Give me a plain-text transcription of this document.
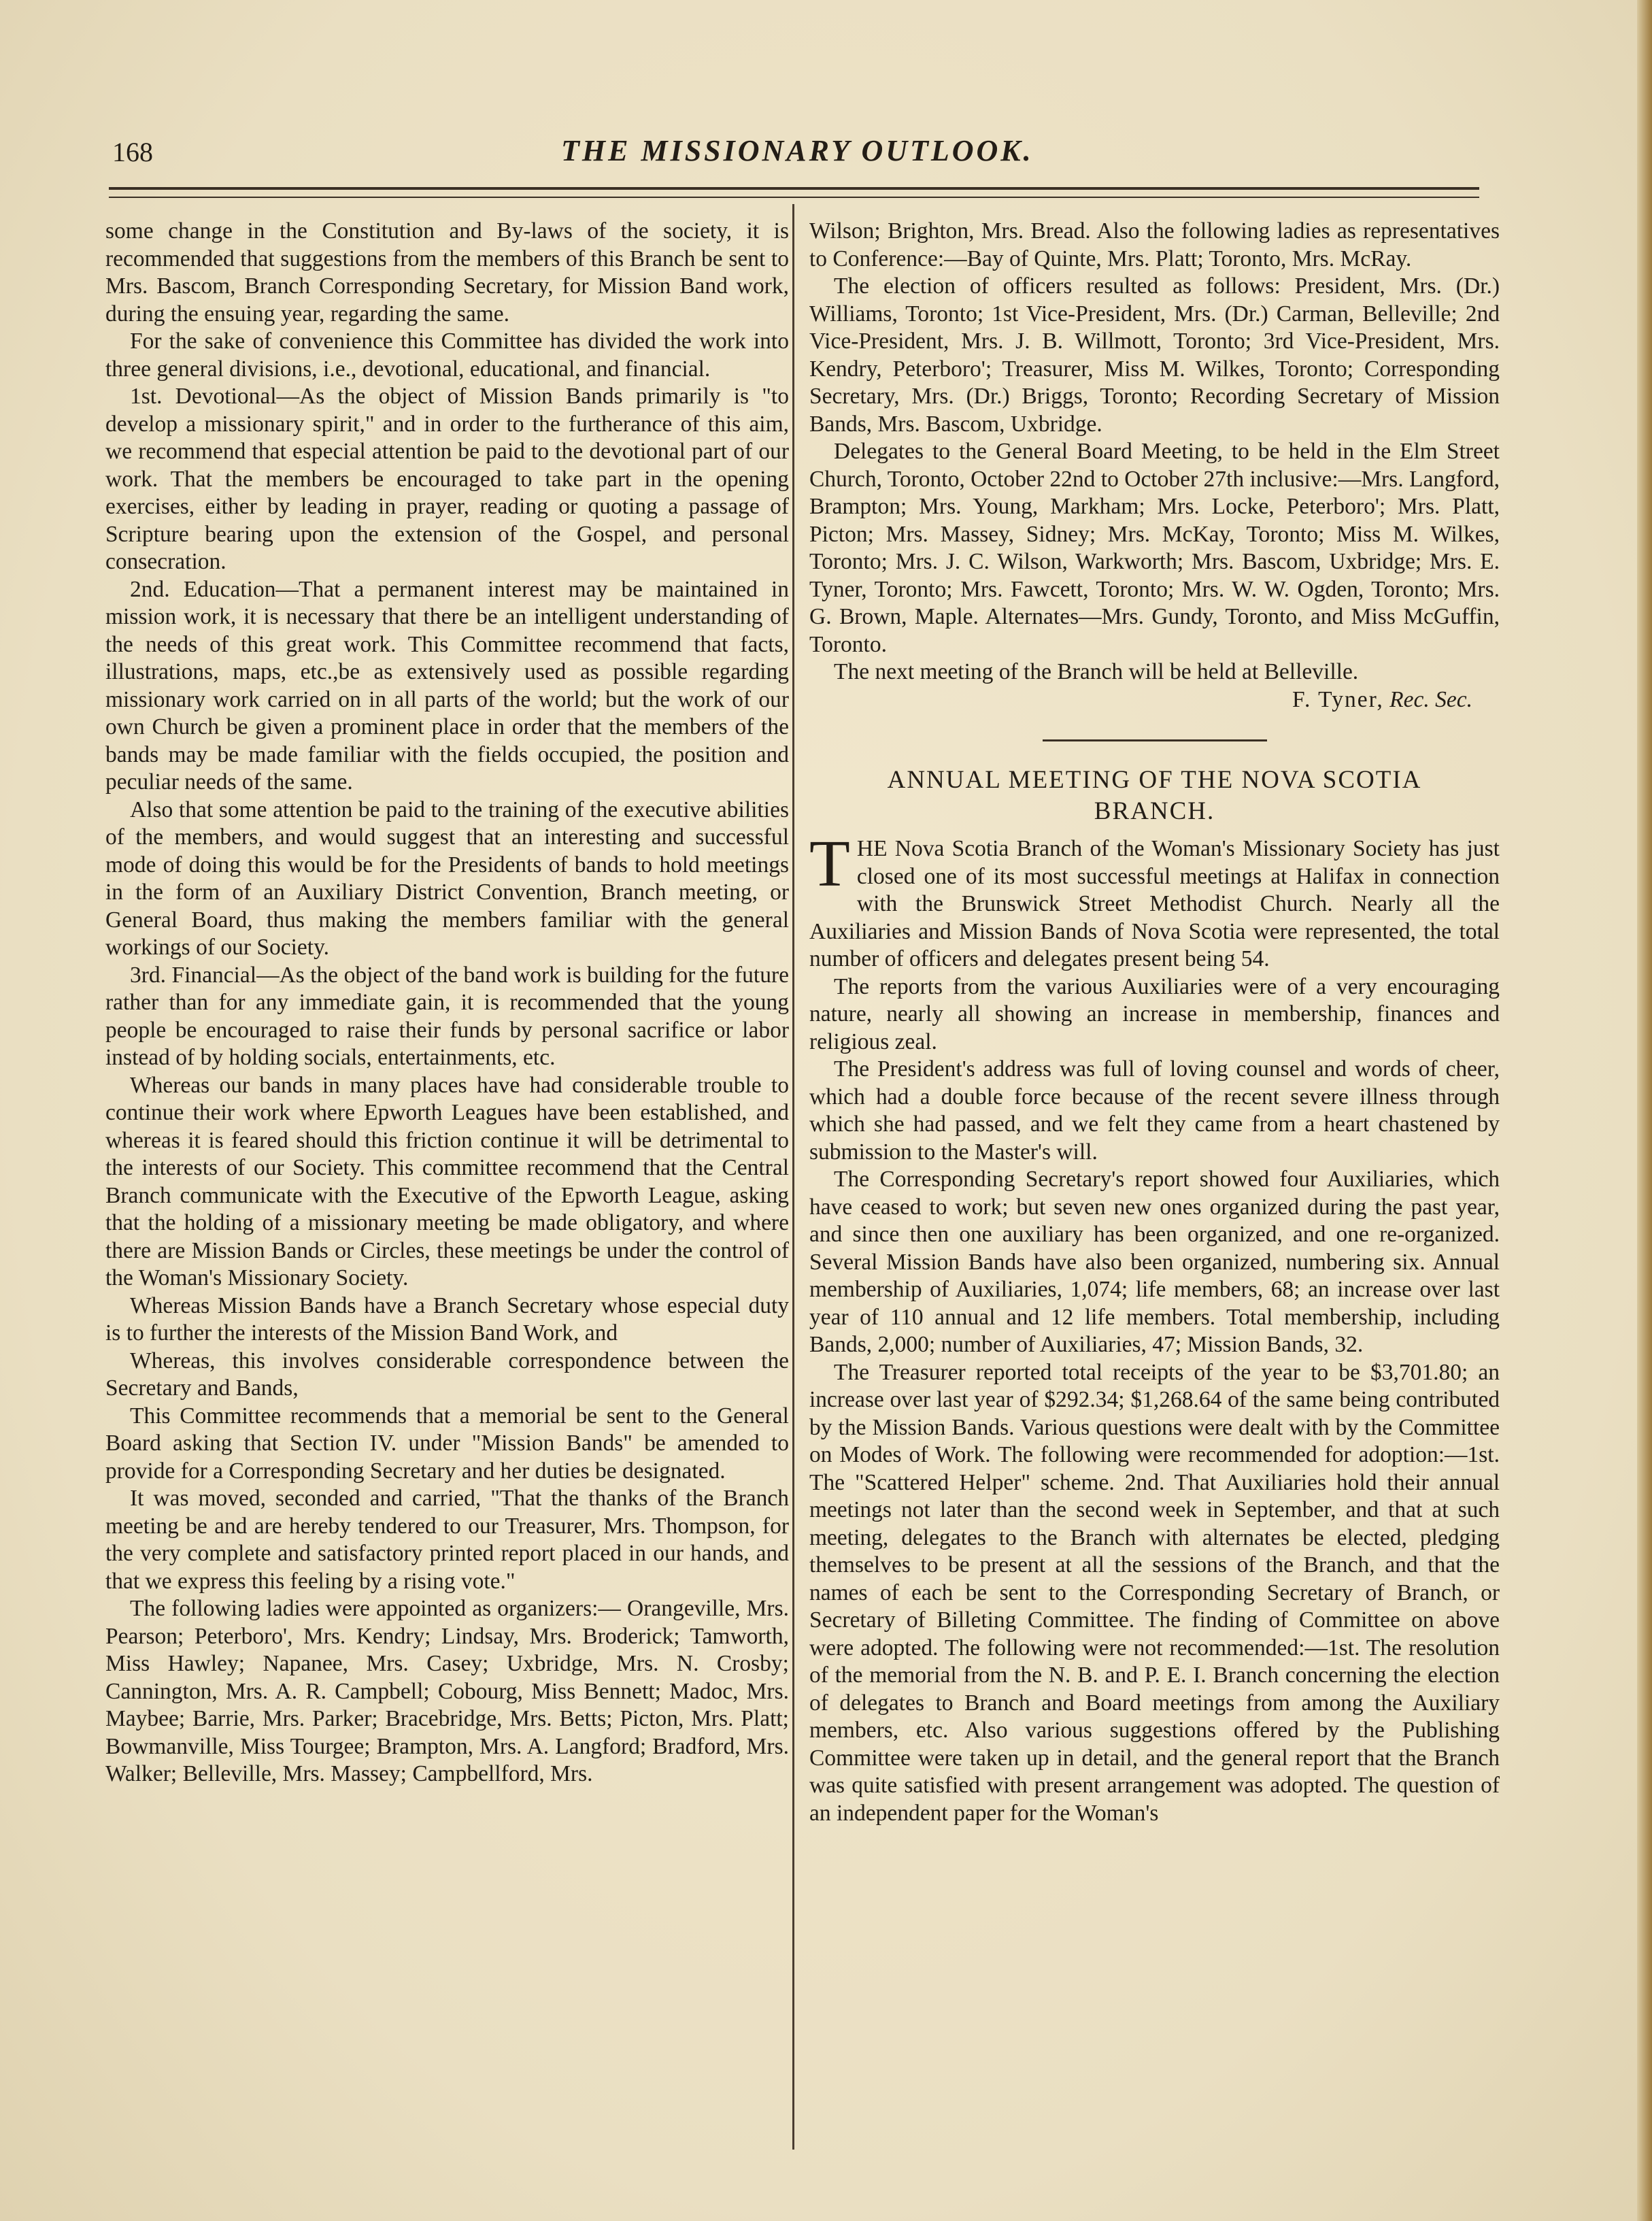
168	THE MISSIONARY OUTLOOK.

some change in the Constitution and By-laws of the society, it is recommended that suggestions from the members of this Branch be sent to Mrs. Bascom, Branch Corresponding Secretary, for Mission Band work, during the ensuing year, regarding the same.

For the sake of convenience this Committee has divided the work into three general divisions, i.e., devotional, educational, and financial.

1st. Devotional—As the object of Mission Bands primarily is "to develop a missionary spirit," and in order to the furtherance of this aim, we recommend that especial attention be paid to the devotional part of our work. That the members be encouraged to take part in the opening exercises, either by leading in prayer, reading or quoting a passage of Scripture bearing upon the extension of the Gospel, and personal consecration.

2nd. Education—That a permanent interest may be maintained in mission work, it is necessary that there be an intelligent understanding of the needs of this great work. This Committee recommend that facts, illustrations, maps, etc.,be as extensively used as possible regarding missionary work carried on in all parts of the world; but the work of our own Church be given a prominent place in order that the members of the bands may be made familiar with the fields occupied, the position and peculiar needs of the same.

Also that some attention be paid to the training of the executive abilities of the members, and would suggest that an interesting and successful mode of doing this would be for the Presidents of bands to hold meetings in the form of an Auxiliary District Convention, Branch meeting, or General Board, thus making the members familiar with the general workings of our Society.

3rd. Financial—As the object of the band work is building for the future rather than for any immediate gain, it is recommended that the young people be encouraged to raise their funds by personal sacrifice or labor instead of by holding socials, entertainments, etc.

Whereas our bands in many places have had considerable trouble to continue their work where Epworth Leagues have been established, and whereas it is feared should this friction continue it will be detrimental to the interests of our Society. This committee recommend that the Central Branch communicate with the Executive of the Epworth League, asking that the holding of a missionary meeting be made obligatory, and where there are Mission Bands or Circles, these meetings be under the control of the Woman's Missionary Society.

Whereas Mission Bands have a Branch Secretary whose especial duty is to further the interests of the Mission Band Work, and

Whereas, this involves considerable correspondence between the Secretary and Bands,

This Committee recommends that a memorial be sent to the General Board asking that Section IV. under "Mission Bands" be amended to provide for a Corresponding Secretary and her duties be designated.

It was moved, seconded and carried, "That the thanks of the Branch meeting be and are hereby tendered to our Treasurer, Mrs. Thompson, for the very complete and satisfactory printed report placed in our hands, and that we express this feeling by a rising vote."

The following ladies were appointed as organizers:— Orangeville, Mrs. Pearson; Peterboro', Mrs. Kendry; Lindsay, Mrs. Broderick; Tamworth, Miss Hawley; Napanee, Mrs. Casey; Uxbridge, Mrs. N. Crosby; Cannington, Mrs. A. R. Campbell; Cobourg, Miss Bennett; Madoc, Mrs. Maybee; Barrie, Mrs. Parker; Bracebridge, Mrs. Betts; Picton, Mrs. Platt; Bowmanville, Miss Tourgee; Brampton, Mrs. A. Langford; Bradford, Mrs. Walker; Belleville, Mrs. Massey; Campbellford, Mrs.

Wilson; Brighton, Mrs. Bread. Also the following ladies as representatives to Conference:—Bay of Quinte, Mrs. Platt; Toronto, Mrs. McRay.

The election of officers resulted as follows: President, Mrs. (Dr.) Williams, Toronto; 1st Vice-President, Mrs. (Dr.) Carman, Belleville; 2nd Vice-President, Mrs. J. B. Willmott, Toronto; 3rd Vice-President, Mrs. Kendry, Peterboro'; Treasurer, Miss M. Wilkes, Toronto; Corresponding Secretary, Mrs. (Dr.) Briggs, Toronto; Recording Secretary of Mission Bands, Mrs. Bascom, Uxbridge.

Delegates to the General Board Meeting, to be held in the Elm Street Church, Toronto, October 22nd to October 27th inclusive:—Mrs. Langford, Brampton; Mrs. Young, Markham; Mrs. Locke, Peterboro'; Mrs. Platt, Picton; Mrs. Massey, Sidney; Mrs. McKay, Toronto; Miss M. Wilkes, Toronto; Mrs. J. C. Wilson, Warkworth; Mrs. Bascom, Uxbridge; Mrs. E. Tyner, Toronto; Mrs. Fawcett, Toronto; Mrs. W. W. Ogden, Toronto; Mrs. G. Brown, Maple. Alternates—Mrs. Gundy, Toronto, and Miss McGuffin, Toronto.

The next meeting of the Branch will be held at Belleville.

F. Tyner, Rec. Sec.
ANNUAL MEETING OF THE NOVA SCOTIA
BRANCH.

THE Nova Scotia Branch of the Woman's Missionary Society has just closed one of its most successful meetings at Halifax in connection with the Brunswick Street Methodist Church. Nearly all the Auxiliaries and Mission Bands of Nova Scotia were represented, the total number of officers and delegates present being 54.

The reports from the various Auxiliaries were of a very encouraging nature, nearly all showing an increase in membership, finances and religious zeal.

The President's address was full of loving counsel and words of cheer, which had a double force because of the recent severe illness through which she had passed, and we felt they came from a heart chastened by submission to the Master's will.

The Corresponding Secretary's report showed four Auxiliaries, which have ceased to work; but seven new ones organized during the past year, and since then one auxiliary has been organized, and one re-organized. Several Mission Bands have also been organized, numbering six. Annual membership of Auxiliaries, 1,074; life members, 68; an increase over last year of 110 annual and 12 life members. Total membership, including Bands, 2,000; number of Auxiliaries, 47; Mission Bands, 32.

The Treasurer reported total receipts of the year to be $3,701.80; an increase over last year of $292.34; $1,268.64 of the same being contributed by the Mission Bands. Various questions were dealt with by the Committee on Modes of Work. The following were recommended for adoption:—1st. The "Scattered Helper" scheme. 2nd. That Auxiliaries hold their annual meetings not later than the second week in September, and that at such meeting, delegates to the Branch with alternates be elected, pledging themselves to be present at all the sessions of the Branch, and that the names of each be sent to the Corresponding Secretary of Branch, or Secretary of Billeting Committee. The finding of Committee on above were adopted. The following were not recommended:—1st. The resolution of the memorial from the N. B. and P. E. I. Branch concerning the election of delegates to Branch and Board meetings from among the Auxiliary members, etc. Also various suggestions offered by the Publishing Committee were taken up in detail, and the general report that the Branch was quite satisfied with present arrangement was adopted. The question of an independent paper for the Woman's
